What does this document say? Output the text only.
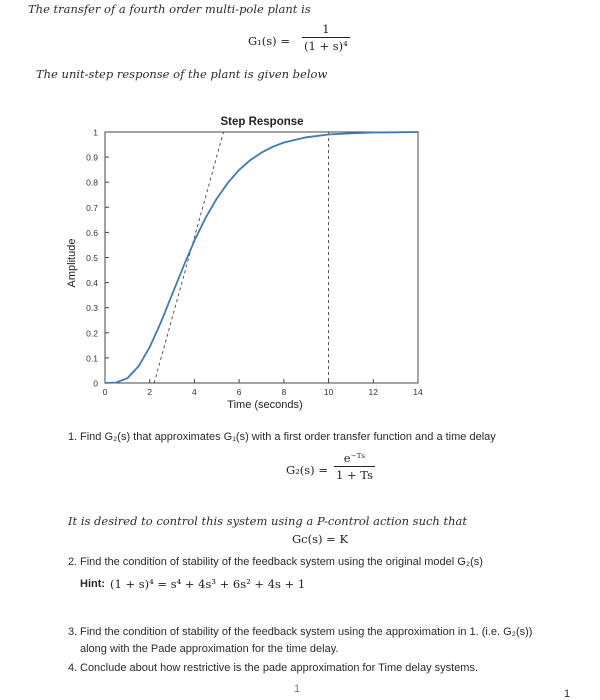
The transfer of a fourth order multi-pole plant is
G₁(s) =
1
(1 + s)⁴
The unit-step response of the plant is given below
Step Response
Time (seconds)
Amplitude
0
0.1
0.2
0.3
0.4
0.5
0.6
0.7
0.8
0.9
1
0	2	4	6	8	10	12	14
1. Find G₂(s) that approximates G₁(s) with a first order transfer function and a time delay
G₂(s) =
e⁻ᵀˢ
1 + Ts
It is desired to control this system using a P-control action such that
Gc(s) = K
2. Find the condition of stability of the feedback system using the original model G₂(s)
Hint: (1 + s)⁴ = s⁴ + 4s³ + 6s² + 4s + 1
3. Find the condition of stability of the feedback system using the approximation in 1. (i.e. G₂(s))
along with the Pade approximation for the time delay.
4. Conclude about how restrictive is the pade approximation for Time delay systems.
1	1
